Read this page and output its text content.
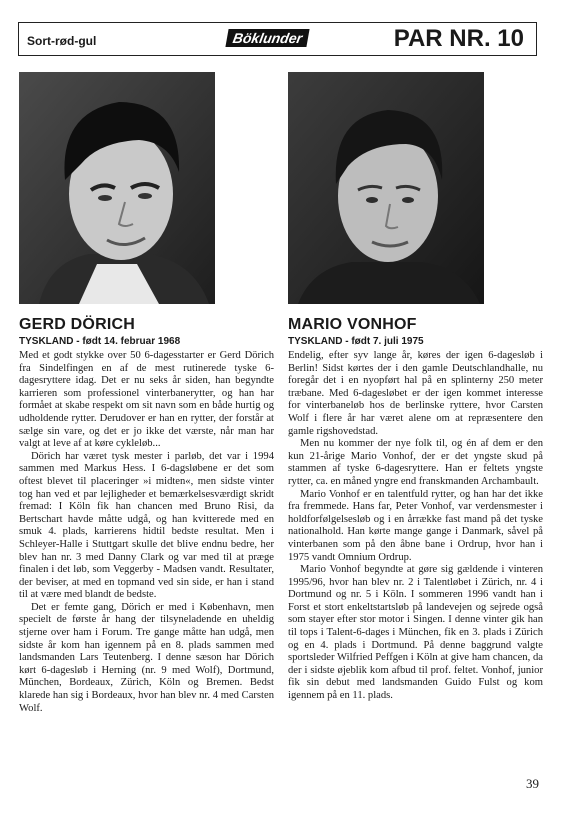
Sort-rød-gul	Böklunder	PAR NR. 10
GERD DÖRICH

TYSKLAND - født 14. februar 1968

Med et godt stykke over 50 6-dagesstarter er Gerd Dörich fra Sindelfingen en af de mest rutinerede tyske 6-dagesryttere idag. Det er nu seks år siden, han begyndte karrieren som professionel vinterbanerytter, og han har formået at skabe respekt om sit navn som en både hurtig og udholdende rytter. Derudover er han en rytter, der forstår at sælge sin vare, og det er jo ikke det værste, når man har valgt at leve af at køre cykleløb...

Dörich har været tysk mester i parløb, det var i 1994 sammen med Markus Hess. I 6-dagsløbene er det som oftest blevet til placeringer »i midten«, men sidste vinter tog han ved et par lejligheder et bemærkelsesværdigt skridt fremad: I Köln fik han chancen med Bruno Risi, da Bertschart havde måtte udgå, og han kvitterede med en smuk 4. plads, karrierens hidtil bedste resultat. Men i Schleyer-Halle i Stuttgart skulle det blive endnu bedre, her blev han nr. 3 med Danny Clark og var med til at præge finalen i det løb, som Veggerby - Madsen vandt. Resultater, der beviser, at med en topmand ved sin side, er han i stand til at være med blandt de bedste.

Det er femte gang, Dörich er med i København, men specielt de første år hang der tilsyneladende en uheldig stjerne over ham i Forum. Tre gange måtte han udgå, men sidste år kom han igennem på en 8. plads sammen med landsmanden Lars Teutenberg. I denne sæson har Dörich kørt 6-dagesløb i Herning (nr. 9 med Wolf), Dortmund, München, Bordeaux, Zürich, Köln og Bremen. Bedst klarede han sig i Bordeaux, hvor han blev nr. 4 med Carsten Wolf.

MARIO VONHOF

TYSKLAND - født 7. juli 1975

Endelig, efter syv lange år, køres der igen 6-dagesløb i Berlin! Sidst kørtes der i den gamle Deutschlandhalle, nu foregår det i en nyopført hal på en splinterny 250 meter træbane. Med 6-dagesløbet er der igen kommet interesse for vinterbaneløb hos de berlinske ryttere, hvor Carsten Wolf i flere år har været alene om at repræsentere den gamle rigshovedstad.

Men nu kommer der nye folk til, og én af dem er den kun 21-årige Mario Vonhof, der er det yngste skud på stammen af tyske 6-dagesryttere. Han er feltets yngste rytter, ca. en måned yngre end franskmanden Archambault.

Mario Vonhof er en talentfuld rytter, og han har det ikke fra fremmede. Hans far, Peter Vonhof, var verdensmester i holdforfølgelsesløb og i en årrække fast mand på det tyske nationalhold. Han kørte mange gange i Danmark, såvel på vinterbanen som på den åbne bane i Ordrup, hvor han i 1975 vandt Omnium Ordrup.

Mario Vonhof begyndte at gøre sig gældende i vinteren 1995/96, hvor han blev nr. 2 i Talentløbet i Zürich, nr. 4 i Dortmund og nr. 5 i Köln. I sommeren 1996 vandt han i Forst et stort enkeltstartsløb på landevejen og sejrede også som stayer efter stor motor i Singen. I denne vinter gik han til tops i Talent-6-dages i München, fik en 3. plads i Zürich og en 4. plads i Dortmund. På denne baggrund valgte sportsleder Wilfried Peffgen i Köln at give ham chancen, da der i sidste øjeblik kom afbud til prof. feltet. Vonhof, junior fik sin debut med landsmanden Guido Fulst og kom igennem på en 11. plads.

39
